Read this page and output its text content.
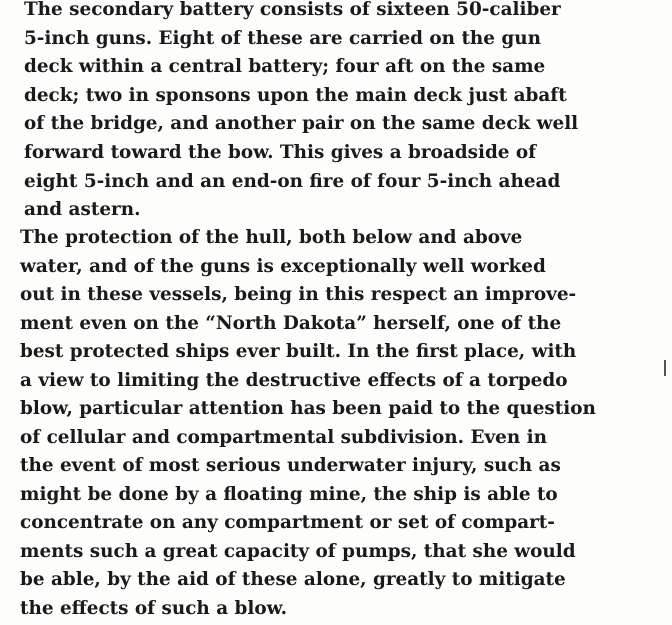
The secondary battery consists of sixteen 50-caliber
5-inch guns. Eight of these are carried on the gun
deck within a central battery; four aft on the same
deck; two in sponsons upon the main deck just abaft
of the bridge, and another pair on the same deck well
forward toward the bow. This gives a broadside of
eight 5-inch and an end-on fire of four 5-inch ahead
and astern.
The protection of the hull, both below and above
water, and of the guns is exceptionally well worked
out in these vessels, being in this respect an improve-
ment even on the “North Dakota” herself, one of the
best protected ships ever built. In the first place, with
a view to limiting the destructive effects of a torpedo
blow, particular attention has been paid to the question
of cellular and compartmental subdivision. Even in
the event of most serious underwater injury, such as
might be done by a floating mine, the ship is able to
concentrate on any compartment or set of compart-
ments such a great capacity of pumps, that she would
be able, by the aid of these alone, greatly to mitigate
the effects of such a blow.
